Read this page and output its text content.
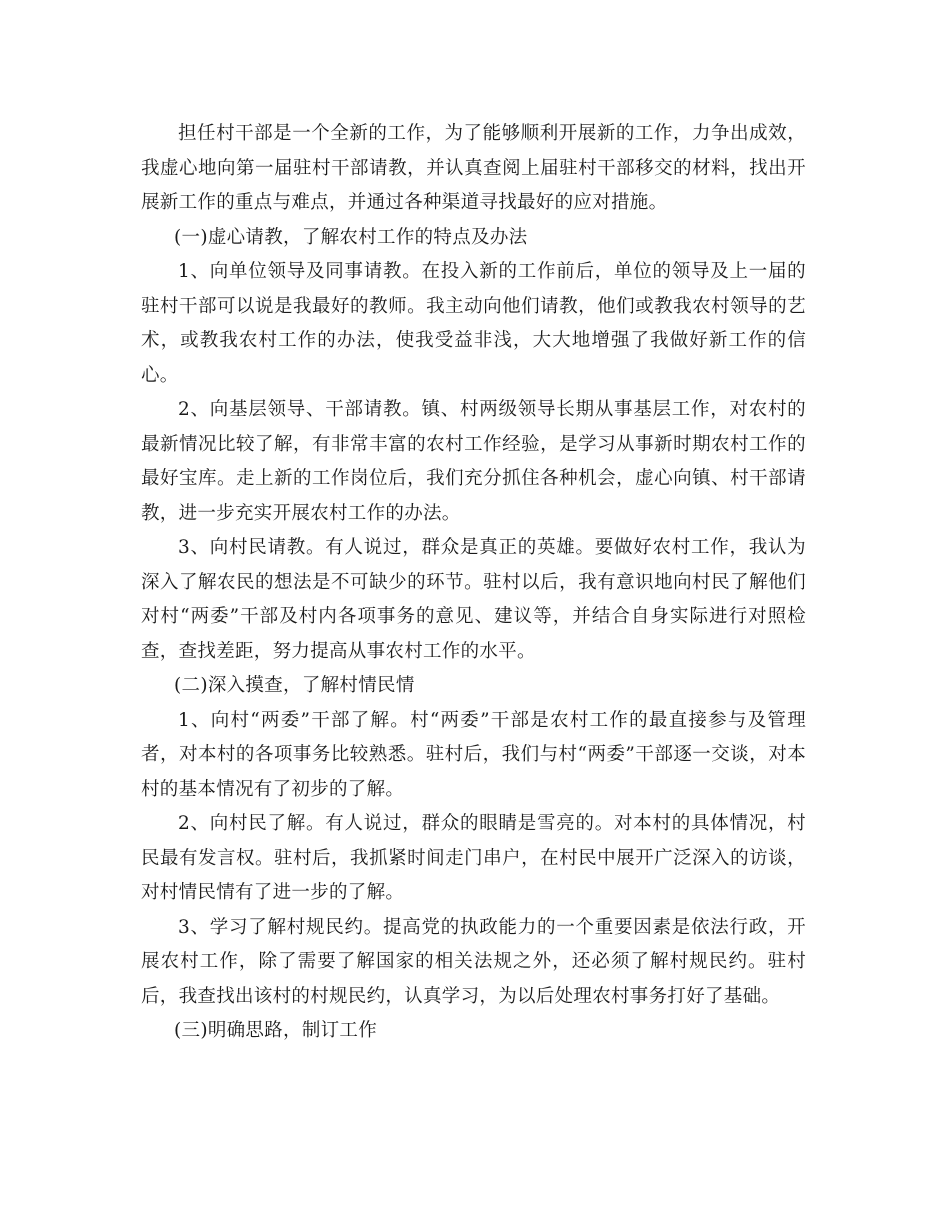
担任村干部是一个全新的工作，为了能够顺利开展新的工作，力争出成效，我虚心地向第一届驻村干部请教，并认真查阅上届驻村干部移交的材料，找出开展新工作的重点与难点，并通过各种渠道寻找最好的应对措施。

(一)虚心请教，了解农村工作的特点及办法

1、向单位领导及同事请教。在投入新的工作前后，单位的领导及上一届的驻村干部可以说是我最好的教师。我主动向他们请教，他们或教我农村领导的艺术，或教我农村工作的办法，使我受益非浅，大大地增强了我做好新工作的信心。

2、向基层领导、干部请教。镇、村两级领导长期从事基层工作，对农村的最新情况比较了解，有非常丰富的农村工作经验，是学习从事新时期农村工作的最好宝库。走上新的工作岗位后，我们充分抓住各种机会，虚心向镇、村干部请教，进一步充实开展农村工作的办法。

3、向村民请教。有人说过，群众是真正的英雄。要做好农村工作，我认为深入了解农民的想法是不可缺少的环节。驻村以后，我有意识地向村民了解他们对村“两委”干部及村内各项事务的意见、建议等，并结合自身实际进行对照检查，查找差距，努力提高从事农村工作的水平。

(二)深入摸查，了解村情民情

1、向村“两委”干部了解。村“两委”干部是农村工作的最直接参与及管理者，对本村的各项事务比较熟悉。驻村后，我们与村“两委”干部逐一交谈，对本村的基本情况有了初步的了解。

2、向村民了解。有人说过，群众的眼睛是雪亮的。对本村的具体情况，村民最有发言权。驻村后，我抓紧时间走门串户，在村民中展开广泛深入的访谈，对村情民情有了进一步的了解。

3、学习了解村规民约。提高党的执政能力的一个重要因素是依法行政，开展农村工作，除了需要了解国家的相关法规之外，还必须了解村规民约。驻村后，我查找出该村的村规民约，认真学习，为以后处理农村事务打好了基础。

(三)明确思路，制订工作
